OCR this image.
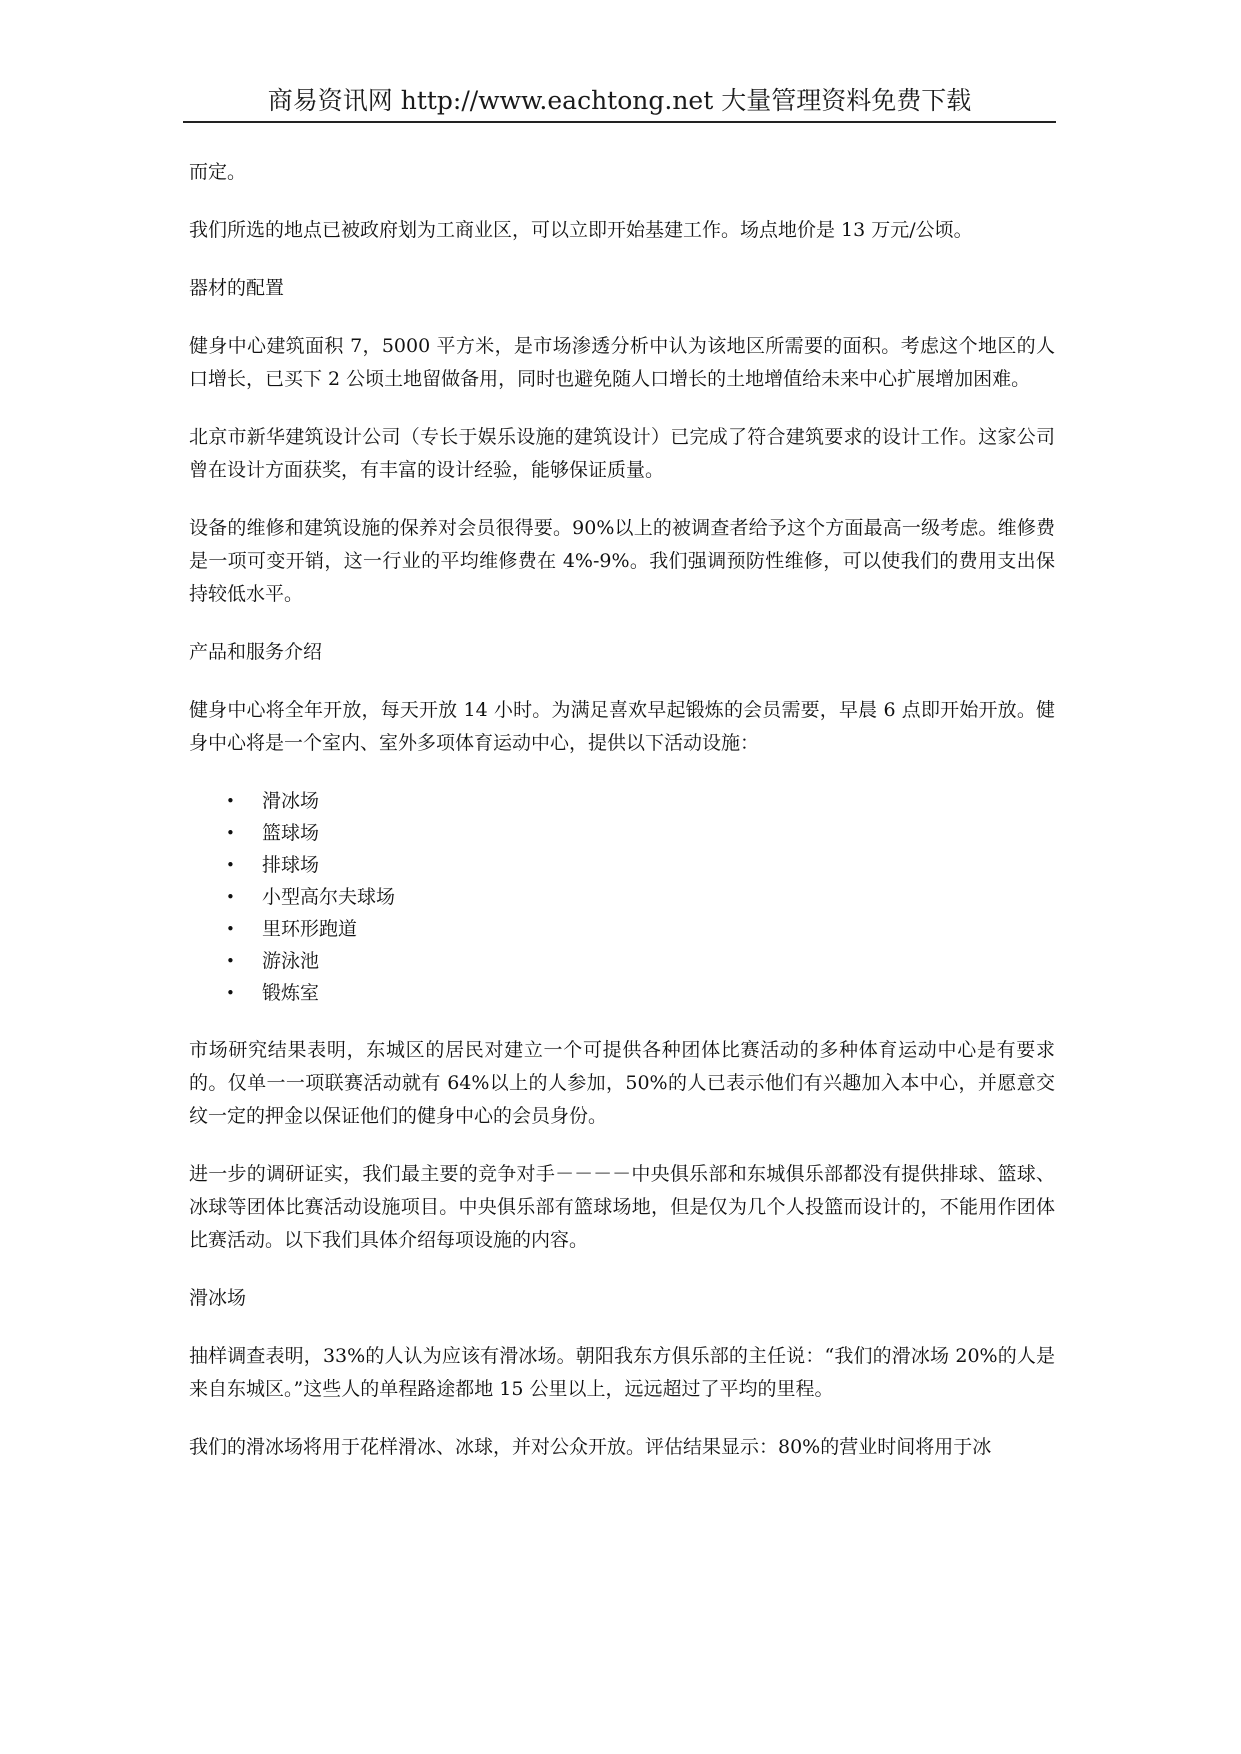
商易资讯网 http://www.eachtong.net 大量管理资料免费下载

而定。

我们所选的地点已被政府划为工商业区，可以立即开始基建工作。场点地价是 13 万元/公顷。

器材的配置

健身中心建筑面积 7，5000 平方米，是市场渗透分析中认为该地区所需要的面积。考虑这个地区的人口增长，已买下 2 公顷土地留做备用，同时也避免随人口增长的土地增值给未来中心扩展增加困难。

北京市新华建筑设计公司（专长于娱乐设施的建筑设计）已完成了符合建筑要求的设计工作。这家公司曾在设计方面获奖，有丰富的设计经验，能够保证质量。

设备的维修和建筑设施的保养对会员很得要。90%以上的被调查者给予这个方面最高一级考虑。维修费是一项可变开销，这一行业的平均维修费在 4%-9%。我们强调预防性维修，可以使我们的费用支出保持较低水平。

产品和服务介绍

健身中心将全年开放，每天开放 14 小时。为满足喜欢早起锻炼的会员需要，早晨 6 点即开始开放。健身中心将是一个室内、室外多项体育运动中心，提供以下活动设施：

• 滑冰场
• 篮球场
• 排球场
• 小型高尔夫球场
• 里环形跑道
• 游泳池
• 锻炼室

市场研究结果表明，东城区的居民对建立一个可提供各种团体比赛活动的多种体育运动中心是有要求的。仅单一一项联赛活动就有 64%以上的人参加，50%的人已表示他们有兴趣加入本中心，并愿意交纹一定的押金以保证他们的健身中心的会员身份。

进一步的调研证实，我们最主要的竞争对手－－－－中央俱乐部和东城俱乐部都没有提供排球、篮球、冰球等团体比赛活动设施项目。中央俱乐部有篮球场地，但是仅为几个人投篮而设计的，不能用作团体比赛活动。以下我们具体介绍每项设施的内容。

滑冰场

抽样调查表明，33%的人认为应该有滑冰场。朝阳我东方俱乐部的主任说：“我们的滑冰场 20%的人是来自东城区。”这些人的单程路途都地 15 公里以上，远远超过了平均的里程。

我们的滑冰场将用于花样滑冰、冰球，并对公众开放。评估结果显示：80%的营业时间将用于冰
